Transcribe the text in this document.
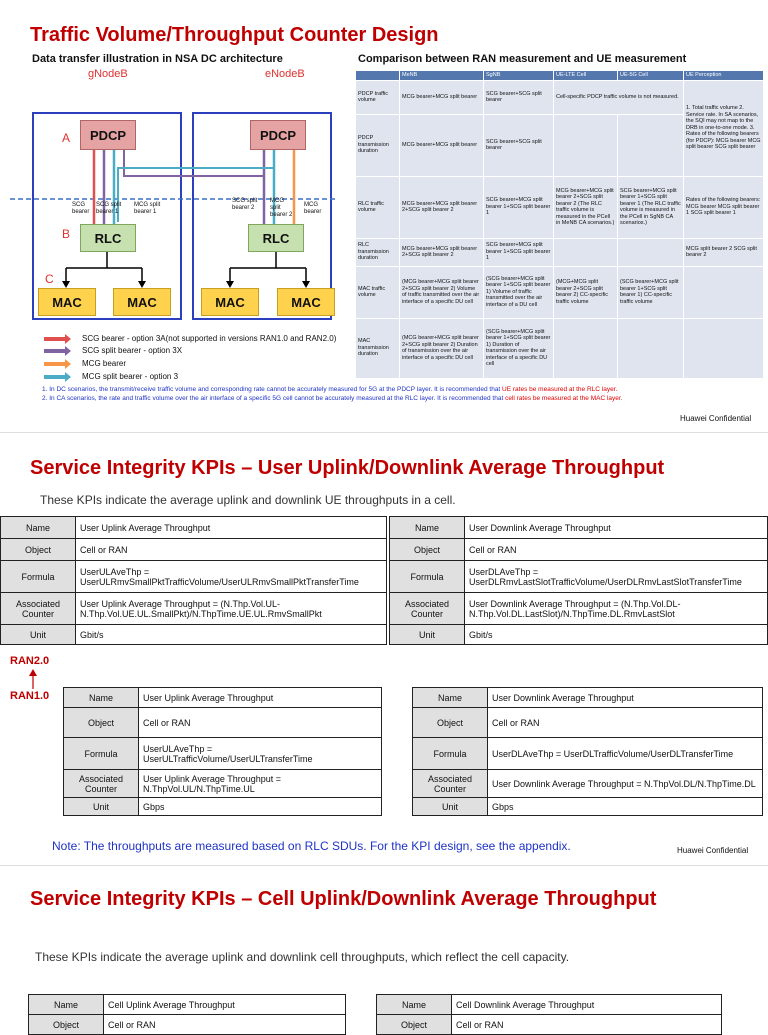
Traffic Volume/Throughput Counter Design
Data transfer illustration in NSA DC architecture	Comparison between RAN measurement and UE measurement
gNodeB	eNodeB
A
B
C
PDCP	PDCP
RLC	RLC
MAC	MAC	MAC	MAC
SCG bearer
SCG split bearer 1
MCG split bearer 1
SCG split bearer 2
MCG split bearer 2
MCG bearer
SCG bearer - option 3A(not supported in versions RAN1.0 and RAN2.0)
SCG split bearer - option 3X
MCG bearer
MCG split bearer - option 3
	MeNB	SgNB	UE-LTE Cell	UE-5G Cell	UE Perception
PDCP traffic volume	MCG bearer+MCG split bearer	SCG bearer+SCG split bearer	Cell-specific PDCP traffic volume is not measured.		1. Total traffic volume 2. Service rate. In SA scenarios, the SQI may not map to the DRB in one-to-one mode. 3. Rates of the following bearers (for PDCP): MCG bearer MCG split bearer SCG split bearer
PDCP transmission duration	MCG bearer+MCG split bearer	SCG bearer+SCG split bearer			
RLC traffic volume	MCG bearer+MCG split bearer 2+SCG split bearer 2	SCG bearer+MCG split bearer 1+SCG split bearer 1	MCG bearer+MCG split bearer 2+SCG split bearer 2 (The RLC traffic volume is measured in the PCell in MeNB CA scenarios.)	SCG bearer+MCG split bearer 1+SCG split bearer 1 (The RLC traffic volume is measured in the PCell in SgNB CA scenarios.)	Rates of the following bearers: MCG bearer MCG split bearer 1 SCG split bearer 1
RLC transmission duration	MCG bearer+MCG split bearer 2+SCG split bearer 2	SCG bearer+MCG split bearer 1+SCG split bearer 1			MCG split bearer 2 SCG split bearer 2
MAC traffic volume	(MCG bearer+MCG split bearer 2+SCG split bearer 2) Volume of traffic transmitted over the air interface of a specific DU cell	(SCG bearer+MCG split bearer 1+SCG split bearer 1) Volume of traffic transmitted over the air interface of a DU cell	(MCG+MCG split bearer 2+SCG split bearer 2) CC-specific traffic volume	(SCG bearer+MCG split bearer 1+SCG split bearer 1) CC-specific traffic volume	
MAC transmission duration	(MCG bearer+MCG split bearer 2+SCG split bearer 2) Duration of transmission over the air interface of a specific DU cell	(SCG bearer+MCG split bearer 1+SCG split bearer 1) Duration of transmission over the air interface of a specific DU cell			
1. In DC scenarios, the transmit/receive traffic volume and corresponding rate cannot be accurately measured for 5G at the PDCP layer. It is recommended that UE rates be measured at the RLC layer.
2. In CA scenarios, the rate and traffic volume over the air interface of a specific 5G cell cannot be accurately measured at the RLC layer. It is recommended that cell rates be measured at the MAC layer.
Huawei Confidential
Service Integrity KPIs – User Uplink/Downlink Average Throughput
These KPIs indicate the average uplink and downlink UE throughputs in a cell.
Name	User Uplink Average Throughput
Object	Cell or RAN
Formula	UserULAveThp = UserULRmvSmallPktTrafficVolume/UserULRmvSmallPktTransferTime
Associated Counter	User Uplink Average Throughput = (N.Thp.Vol.UL-N.Thp.Vol.UE.UL.SmallPkt)/N.ThpTime.UE.UL.RmvSmallPkt
Unit	Gbit/s
Name	User Downlink Average Throughput
Object	Cell or RAN
Formula	UserDLAveThp = UserDLRmvLastSlotTrafficVolume/UserDLRmvLastSlotTransferTime
Associated Counter	User Downlink Average Throughput = (N.Thp.Vol.DL-N.Thp.Vol.DL.LastSlot)/N.ThpTime.DL.RmvLastSlot
Unit	Gbit/s
RAN2.0
RAN1.0	Name	User Uplink Average Throughput
Object	Cell or RAN
Formula	UserULAveThp = UserULTrafficVolume/UserULTransferTime
Associated Counter	User Uplink Average Throughput = N.ThpVol.UL/N.ThpTime.UL
Unit	Gbps
Name	User Downlink Average Throughput
Object	Cell or RAN
Formula	UserDLAveThp = UserDLTrafficVolume/UserDLTransferTime
Associated Counter	User Downlink Average Throughput = N.ThpVol.DL/N.ThpTime.DL
Unit	Gbps
Note: The throughputs are measured based on RLC SDUs. For the KPI design, see the appendix.	Huawei Confidential
Service Integrity KPIs – Cell Uplink/Downlink Average Throughput
These KPIs indicate the average uplink and downlink cell throughputs, which reflect the cell capacity.
Name	Cell Uplink Average Throughput
Object	Cell or RAN
Name	Cell Downlink Average Throughput
Object	Cell or RAN
